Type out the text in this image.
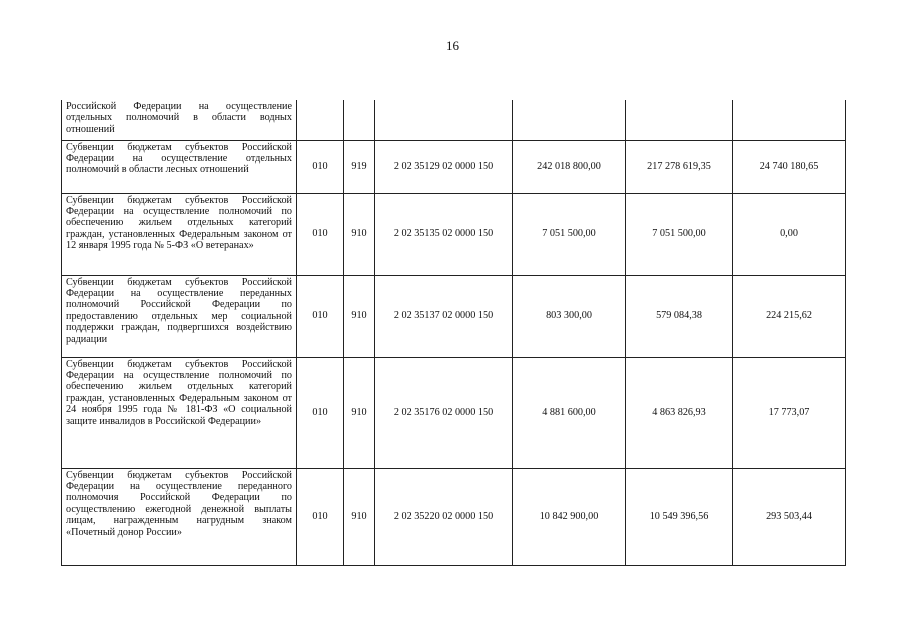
16
Российской Федерации на осуществление отдельных полномочий в области водных отношений						
Субвенции бюджетам субъектов Российской Федерации на осуществление отдельных полномочий в области лесных отношений	010	919	2 02 35129 02 0000 150	242 018 800,00	217 278 619,35	24 740 180,65
Субвенции бюджетам субъектов Российской Федерации на осуществление полномочий по обеспечению жильем отдельных категорий граждан, установленных Федеральным законом от 12 января 1995 года № 5-ФЗ «О ветеранах»	010	910	2 02 35135 02 0000 150	7 051 500,00	7 051 500,00	0,00
Субвенции бюджетам субъектов Российской Федерации на осуществление переданных полномочий Российской Федерации по предоставлению отдельных мер социальной поддержки граждан, подвергшихся воздействию радиации	010	910	2 02 35137 02 0000 150	803 300,00	579 084,38	224 215,62
Субвенции бюджетам субъектов Российской Федерации на осуществление полномочий по обеспечению жильем отдельных категорий граждан, установленных Федеральным законом от 24 ноября 1995 года № 181-ФЗ «О социальной защите инвалидов в Российской Федерации»	010	910	2 02 35176 02 0000 150	4 881 600,00	4 863 826,93	17 773,07
Субвенции бюджетам субъектов Российской Федерации на осуществление переданного полномочия Российской Федерации по осуществлению ежегодной денежной выплаты лицам, награжденным нагрудным знаком «Почетный донор России»	010	910	2 02 35220 02 0000 150	10 842 900,00	10 549 396,56	293 503,44
